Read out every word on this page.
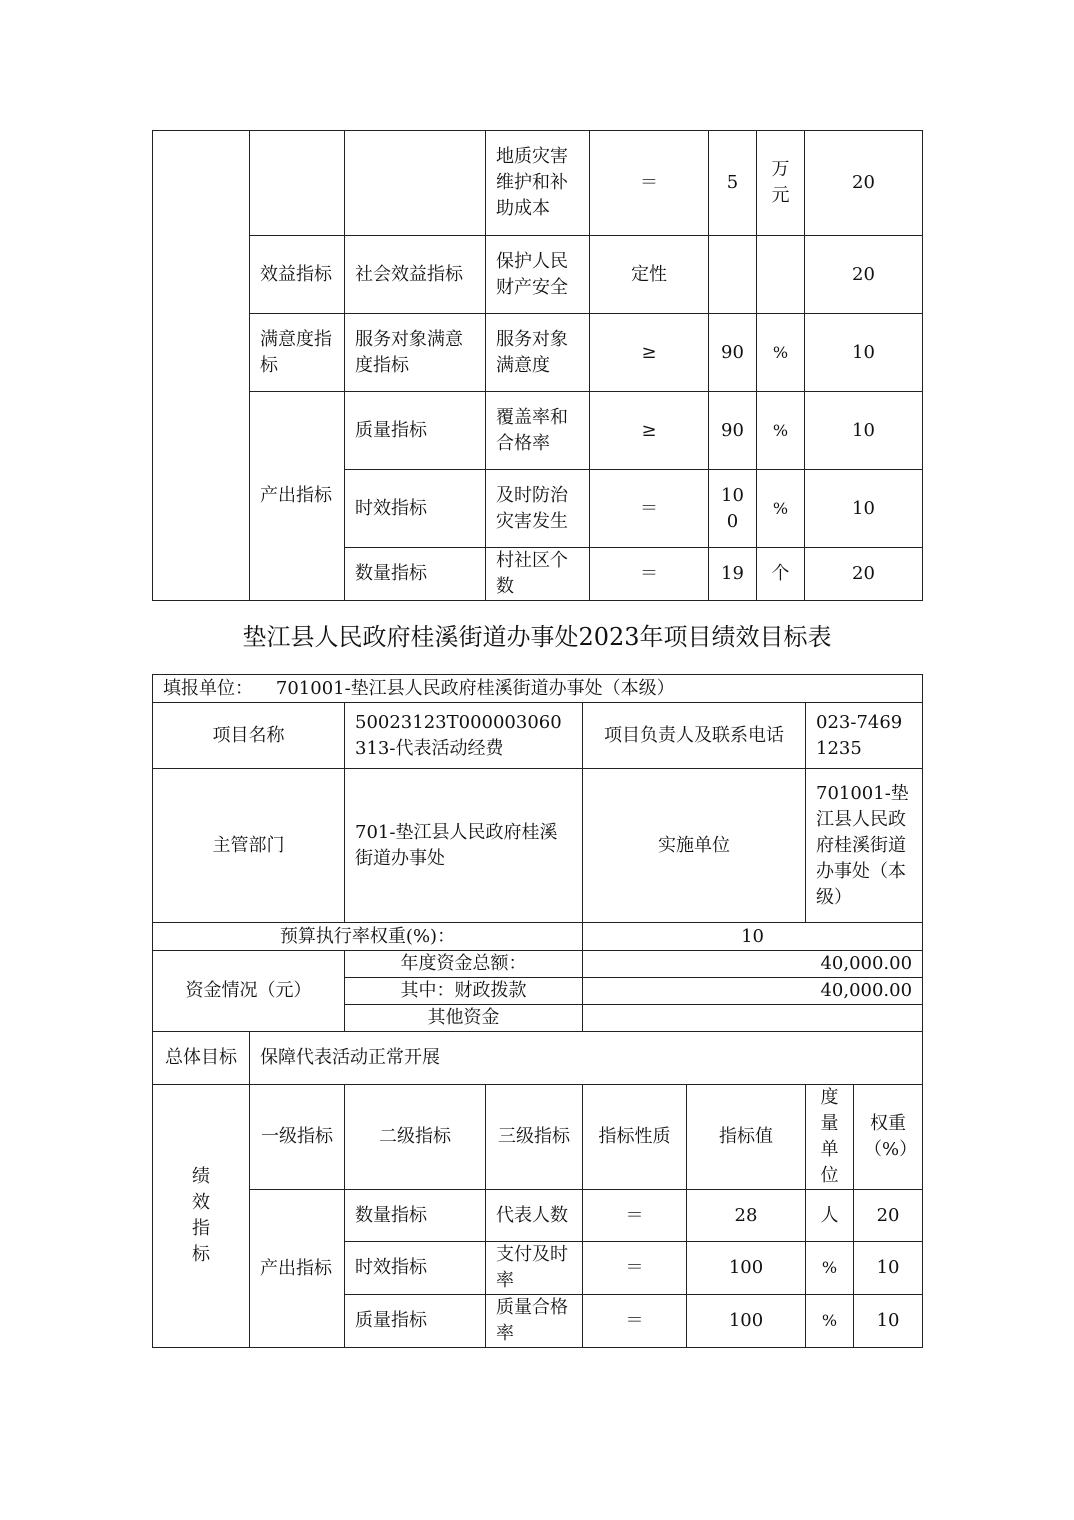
			地质灾害维护和补助成本	＝	5	万元	20
	效益指标	社会效益指标	保护人民财产安全	定性			20
	满意度指标	服务对象满意度指标	服务对象满意度	≥	90	%	10
	产出指标	质量指标	覆盖率和合格率	≥	90	%	10
		时效指标	及时防治灾害发生	＝	100	%	10
		数量指标	村社区个数	＝	19	个	20
垫江县人民政府桂溪街道办事处2023年项目绩效目标表
填报单位： 701001-垫江县人民政府桂溪街道办事处（本级）							
项目名称		50023123T000003060313-代表活动经费		项目负责人及联系电话		023-74691235	
主管部门		701-垫江县人民政府桂溪街道办事处		实施单位		701001-垫江县人民政府桂溪街道办事处（本级）	
预算执行率权重(%)：				10			
资金情况（元）		年度资金总额：		40,000.00			
		其中：财政拨款		40,000.00			
		其他资金					
总体目标	保障代表活动正常开展						

绩效指标	一级指标	二级指标	三级指标	指标性质	指标值	度量单位	权重（%）
	产出指标	数量指标	代表人数	＝	28	人	20
		时效指标	支付及时率	＝	100	%	10
		质量指标	质量合格率	＝	100	%	10
